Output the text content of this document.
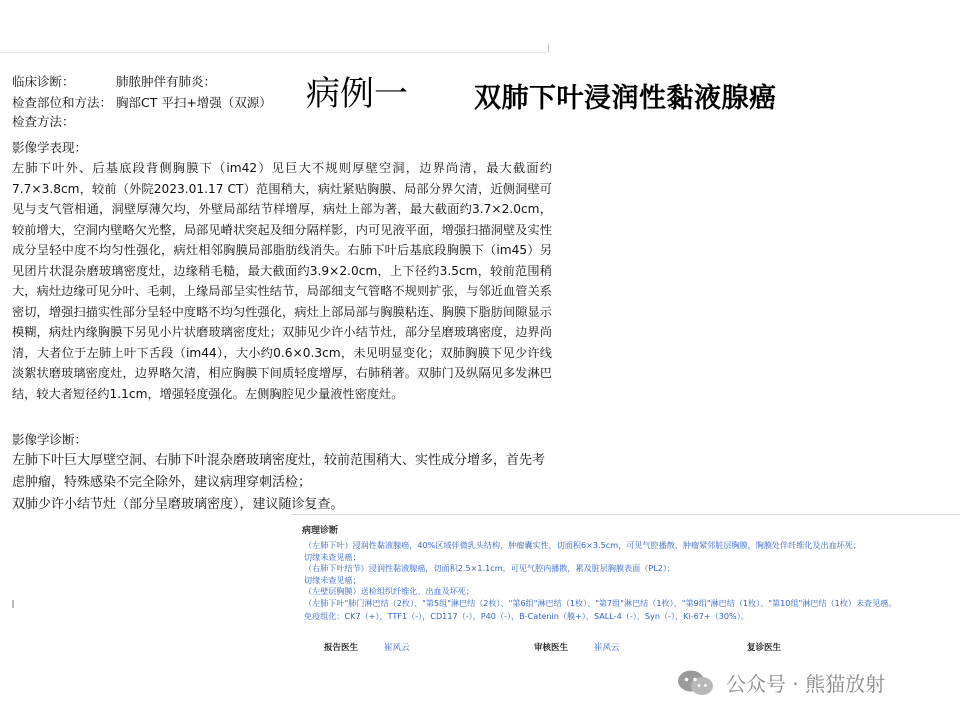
临床诊断：	肺脓肿伴有肺炎：
检查部位和方法： 胸部CT 平扫+增强（双源）
检查方法：
影像学表现：
左肺下叶外、后基底段背侧胸膜下（im42）见巨大不规则厚壁空洞，边界尚清，最大截面约7.7×3.8cm，较前（外院2023.01.17 CT）范围稍大，病灶紧贴胸膜、局部分界欠清，近侧洞壁可见与支气管相通，洞壁厚薄欠均，外壁局部结节样增厚，病灶上部为著，最大截面约3.7×2.0cm，较前增大，空洞内壁略欠光整，局部见嵴状突起及细分隔样影，内可见液平面，增强扫描洞壁及实性成分呈轻中度不均匀性强化，病灶相邻胸膜局部脂肪线消失。右肺下叶后基底段胸膜下（im45）另见团片状混杂磨玻璃密度灶，边缘稍毛糙，最大截面约3.9×2.0cm，上下径约3.5cm，较前范围稍大，病灶边缘可见分叶、毛刺，上缘局部呈实性结节，局部细支气管略不规则扩张，与邻近血管关系密切，增强扫描实性部分呈轻中度略不均匀性强化，病灶上部局部与胸膜粘连、胸膜下脂肪间隙显示模糊，病灶内缘胸膜下另见小片状磨玻璃密度灶；双肺见少许小结节灶，部分呈磨玻璃密度，边界尚清，大者位于左肺上叶下舌段（im44），大小约0.6×0.3cm，未见明显变化；双肺胸膜下见少许线淡絮状磨玻璃密度灶，边界略欠清，相应胸膜下间质轻度增厚，右肺稍著。双肺门及纵隔见多发淋巴结，较大者短径约1.1cm，增强轻度强化。左侧胸腔见少量液性密度灶。
影像学诊断：
左肺下叶巨大厚壁空洞、右肺下叶混杂磨玻璃密度灶，较前范围稍大、实性成分增多，首先考
虑肿瘤，特殊感染不完全除外，建议病理穿刺活检；
双肺少许小结节灶（部分呈磨玻璃密度），建议随诊复查。
病例一 双肺下叶浸润性黏液腺癌
病理诊断
（左肺下叶）浸润性黏液腺癌，40%区域伴微乳头结构，肿瘤囊实性，切面积6×3.5cm，可见气腔播散，肿瘤紧邻脏层胸膜，胸膜处伴纤维化及出血坏死；
切缘未查见癌；
（右肺下叶结节）浸润性黏液腺癌，切面积2.5×1.1cm，可见气腔内播散，累及脏层胸膜表面（PL2）；
切缘未查见癌；
（左壁层胸膜）送检组织纤维化、出血及坏死；
（左肺下叶"肺门淋巴结（2枚）、"第5组"淋巴结（2枚）、"第6组"淋巴结（1枚）、"第7组"淋巴结（1枚）、"第9组"淋巴结（1枚）、"第10组"淋巴结（1枚）未查见癌。
免疫组化：CK7（+），TTF1（-），CD117（-），P40（-），B-Catenin（膜+），SALL-4（-），Syn（-），Ki-67+（30%）。
报告医生	崔风云	审核医生	崔风云	复诊医生
公众号 · 熊猫放射
